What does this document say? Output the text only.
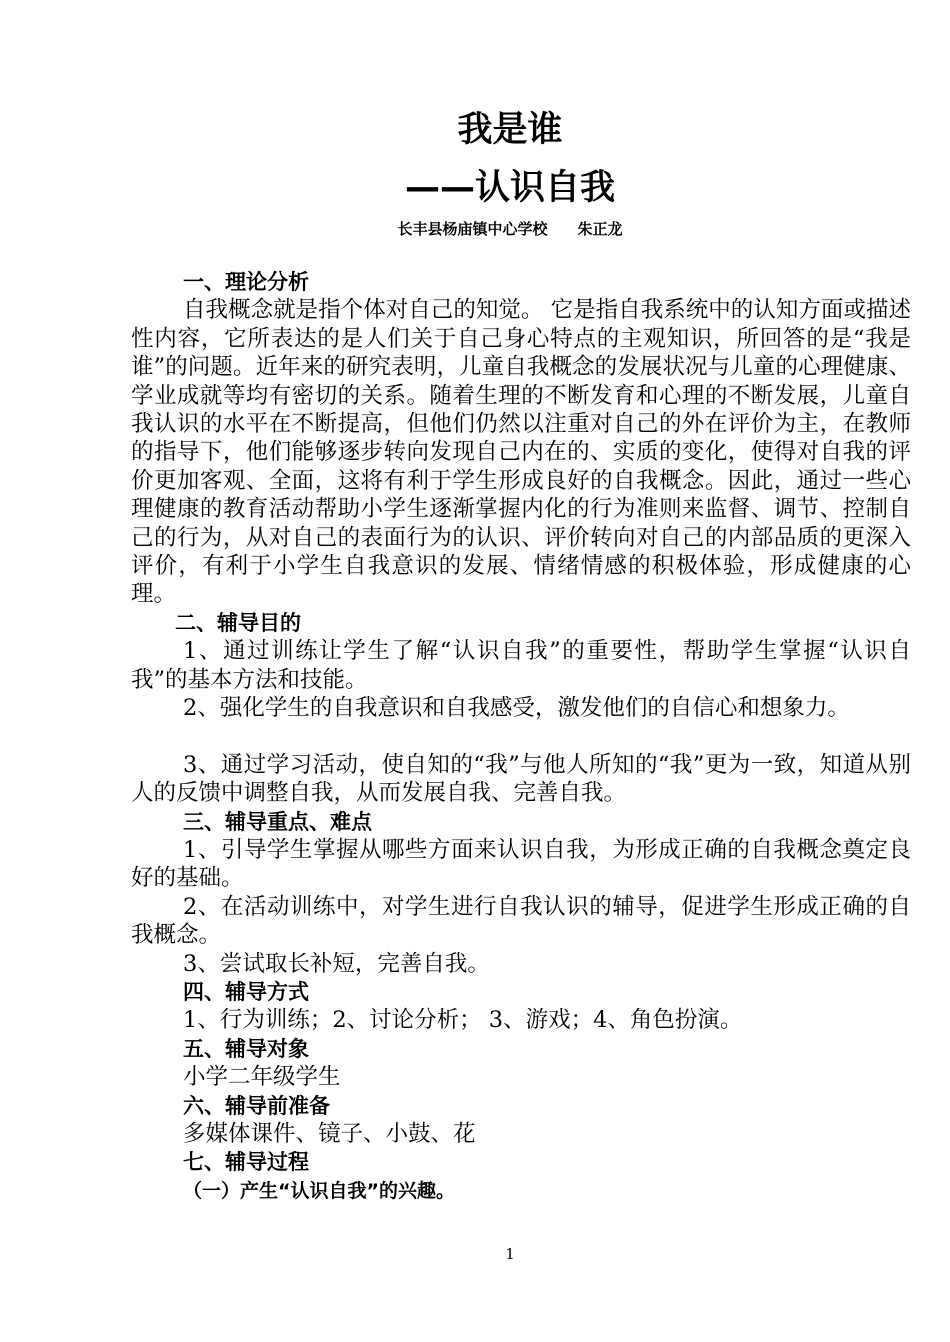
我是谁
——认识自我
长丰县杨庙镇中心学校　　朱正龙
一、理论分析
自我概念就是指个体对自己的知觉。 它是指自我系统中的认知方面或描述性内容，它所表达的是人们关于自己身心特点的主观知识，所回答的是“我是谁”的问题。近年来的研究表明，儿童自我概念的发展状况与儿童的心理健康、学业成就等均有密切的关系。随着生理的不断发育和心理的不断发展，儿童自我认识的水平在不断提高，但他们仍然以注重对自己的外在评价为主，在教师的指导下，他们能够逐步转向发现自己内在的、实质的变化，使得对自我的评价更加客观、全面，这将有利于学生形成良好的自我概念。因此，通过一些心理健康的教育活动帮助小学生逐渐掌握内化的行为准则来监督、调节、控制自己的行为，从对自己的表面行为的认识、评价转向对自己的内部品质的更深入评价，有利于小学生自我意识的发展、情绪情感的积极体验，形成健康的心理。
二、辅导目的
1、通过训练让学生了解“认识自我”的重要性，帮助学生掌握“认识自我”的基本方法和技能。
2、强化学生的自我意识和自我感受，激发他们的自信心和想象力。
3、通过学习活动，使自知的“我”与他人所知的“我”更为一致，知道从别人的反馈中调整自我，从而发展自我、完善自我。
三、辅导重点、难点
1、引导学生掌握从哪些方面来认识自我，为形成正确的自我概念奠定良好的基础。
2、在活动训练中，对学生进行自我认识的辅导，促进学生形成正确的自我概念。
3、尝试取长补短，完善自我。
四、辅导方式
1、行为训练；2、讨论分析； 3、游戏；4、角色扮演。
五、辅导对象
小学二年级学生
六、辅导前准备
多媒体课件、镜子、小鼓、花
七、辅导过程
（一）产生“认识自我”的兴趣。
1
